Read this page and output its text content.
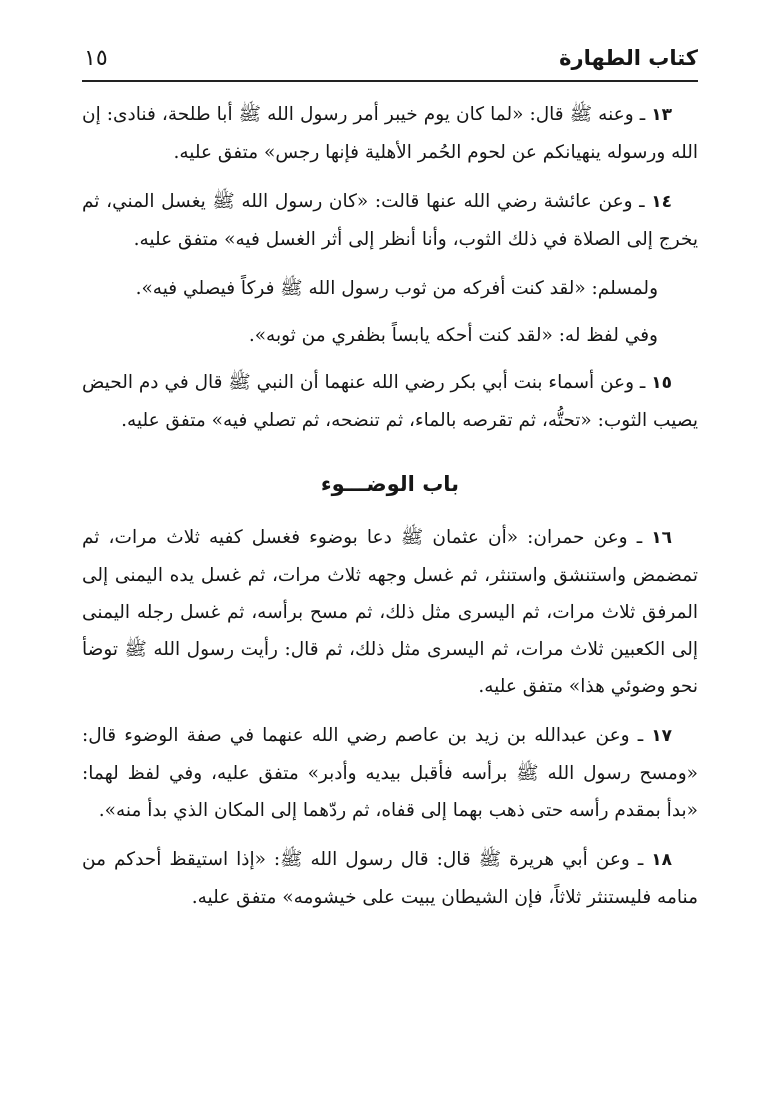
كتاب الطهارة
١٥

١٣ ـ وعنه ﷺ قال: «لما كان يوم خيبر أمر رسول الله ﷺ أبا طلحة، فنادى: إن الله ورسوله ينهيانكم عن لحوم الحُمر الأهلية فإنها رجس» متفق عليه.

١٤ ـ وعن عائشة رضي الله عنها قالت: «كان رسول الله ﷺ يغسل المني، ثم يخرج إلى الصلاة في ذلك الثوب، وأنا أنظر إلى أثر الغسل فيه» متفق عليه.

ولمسلم: «لقد كنت أفركه من ثوب رسول الله ﷺ فركاً فيصلي فيه».

وفي لفظ له: «لقد كنت أحكه يابساً بظفري من ثوبه».

١٥ ـ وعن أسماء بنت أبي بكر رضي الله عنهما أن النبي ﷺ قال في دم الحيض يصيب الثوب: «تحتُّه، ثم تقرصه بالماء، ثم تنضحه، ثم تصلي فيه» متفق عليه.

باب الوضـــوء

١٦ ـ وعن حمران: «أن عثمان ﷺ دعا بوضوء فغسل كفيه ثلاث مرات، ثم تمضمض واستنشق واستنثر، ثم غسل وجهه ثلاث مرات، ثم غسل يده اليمنى إلى المرفق ثلاث مرات، ثم اليسرى مثل ذلك، ثم مسح برأسه، ثم غسل رجله اليمنى إلى الكعبين ثلاث مرات، ثم اليسرى مثل ذلك، ثم قال: رأيت رسول الله ﷺ توضأ نحو وضوئي هذا» متفق عليه.

١٧ ـ وعن عبدالله بن زيد بن عاصم رضي الله عنهما في صفة الوضوء قال: «ومسح رسول الله ﷺ برأسه فأقبل بيديه وأدبر» متفق عليه، وفي لفظ لهما: «بدأ بمقدم رأسه حتى ذهب بهما إلى قفاه، ثم ردّهما إلى المكان الذي بدأ منه».

١٨ ـ وعن أبي هريرة ﷺ قال: قال رسول الله ﷺ: «إذا استيقظ أحدكم من منامه فليستنثر ثلاثاً، فإن الشيطان يبيت على خيشومه» متفق عليه.
